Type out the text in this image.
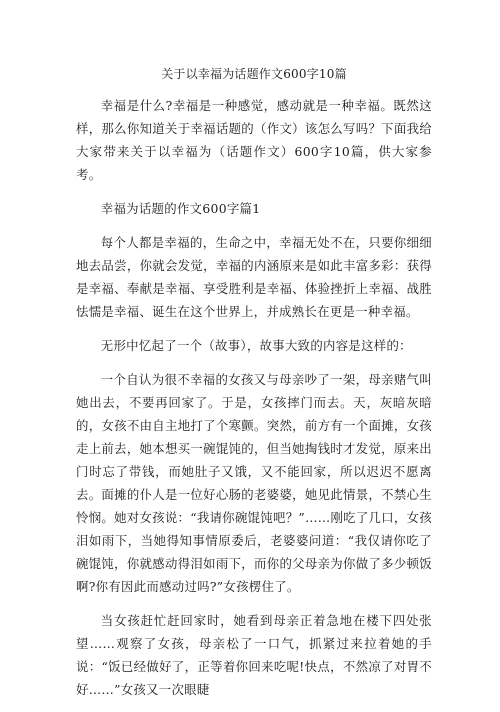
关于以幸福为话题作文600字10篇

幸福是什么?幸福是一种感觉，感动就是一种幸福。既然这样，那么你知道关于幸福话题的（作文）该怎么写吗？下面我给大家带来关于以幸福为（话题作文）600字10篇，供大家参考。

幸福为话题的作文600字篇1

每个人都是幸福的，生命之中，幸福无处不在，只要你细细地去品尝，你就会发觉，幸福的内涵原来是如此丰富多彩：获得是幸福、奉献是幸福、享受胜利是幸福、体验挫折上幸福、战胜怯懦是幸福、诞生在这个世界上，并成熟长在更是一种幸福。

无形中忆起了一个（故事），故事大致的内容是这样的：

一个自认为很不幸福的女孩又与母亲吵了一架，母亲赌气叫她出去，不要再回家了。于是，女孩摔门而去。天，灰暗灰暗的，女孩不由自主地打了个寒颤。突然，前方有一个面摊，女孩走上前去，她本想买一碗馄饨的，但当她掏钱时才发觉，原来出门时忘了带钱，而她肚子又饿，又不能回家，所以迟迟不愿离去。面摊的仆人是一位好心肠的老婆婆，她见此情景，不禁心生怜悯。她对女孩说：“我请你碗馄饨吧？”……刚吃了几口，女孩泪如雨下，当她得知事情原委后，老婆婆问道：“我仅请你吃了碗馄饨，你就感动得泪如雨下，而你的父母亲为你做了多少顿饭啊?你有因此而感动过吗?”女孩楞住了。

当女孩赶忙赶回家时，她看到母亲正着急地在楼下四处张望……观察了女孩，母亲松了一口气，抓紧过来拉着她的手说：“饭已经做好了，正等着你回来吃呢!快点，不然凉了对胃不好……”女孩又一次眼睫
